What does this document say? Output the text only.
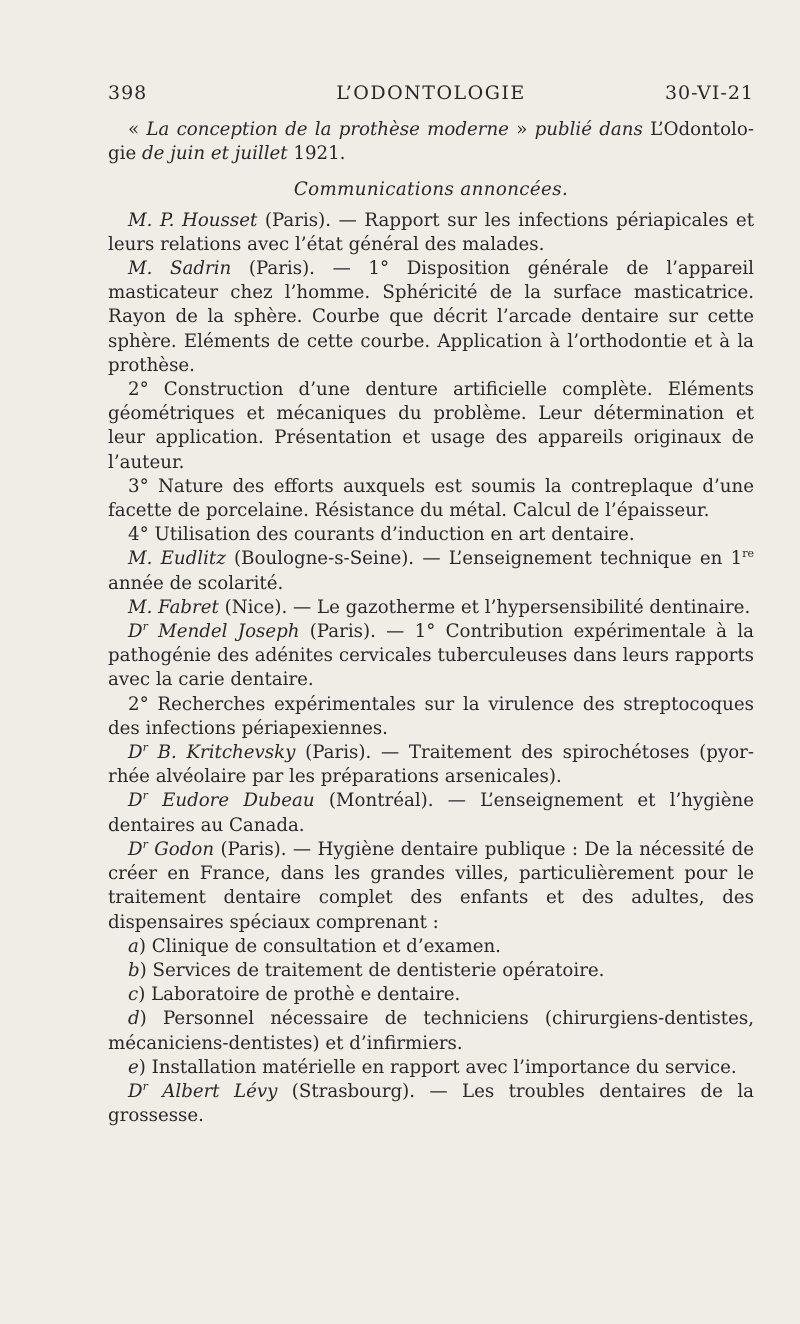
398	L’ODONTOLOGIE	30-VI-21

« La conception de la prothèse moderne » publié dans L’Odontologie de juin et juillet 1921.

Communications annoncées.

M. P. Housset (Paris). — Rapport sur les infections périapicales et leurs relations avec l’état général des malades.

M. Sadrin (Paris). — 1° Disposition générale de l’appareil masticateur chez l’homme. Sphéricité de la surface masticatrice. Rayon de la sphère. Courbe que décrit l’arcade dentaire sur cette sphère. Eléments de cette courbe. Application à l’orthodontie et à la prothèse.

2° Construction d’une denture artificielle complète. Eléments géométriques et mécaniques du problème. Leur détermination et leur application. Présentation et usage des appareils originaux de l’auteur.

3° Nature des efforts auxquels est soumis la contreplaque d’une facette de porcelaine. Résistance du métal. Calcul de l’épaisseur.

4° Utilisation des courants d’induction en art dentaire.

M. Eudlitz (Boulogne-s-Seine). — L’enseignement technique en 1re année de scolarité.

M. Fabret (Nice). — Le gazotherme et l’hypersensibilité dentinaire.

$D^r$ Mendel Joseph (Paris). — 1° Contribution expérimentale à la pathogénie des adénites cervicales tuberculeuses dans leurs rapports avec la carie dentaire.

2° Recherches expérimentales sur la virulence des streptocoques des infections périapexiennes.

$D^r$ B. Kritchevsky (Paris). — Traitement des spirochétoses (pyorrhée alvéolaire par les préparations arsenicales).

$D^r$ Eudore Dubeau (Montréal). — L’enseignement et l’hygiène dentaires au Canada.

$D^r$ Godon (Paris). — Hygiène dentaire publique : De la nécessité de créer en France, dans les grandes villes, particulièrement pour le traitement dentaire complet des enfants et des adultes, des dispensaires spéciaux comprenant :

a) Clinique de consultation et d’examen.

b) Services de traitement de dentisterie opératoire.

c) Laboratoire de prothè e dentaire.

d) Personnel nécessaire de techniciens (chirurgiens-dentistes, mécaniciens-dentistes) et d’infirmiers.

e) Installation matérielle en rapport avec l’importance du service.

$D^r$ Albert Lévy (Strasbourg). — Les troubles dentaires de la grossesse.
